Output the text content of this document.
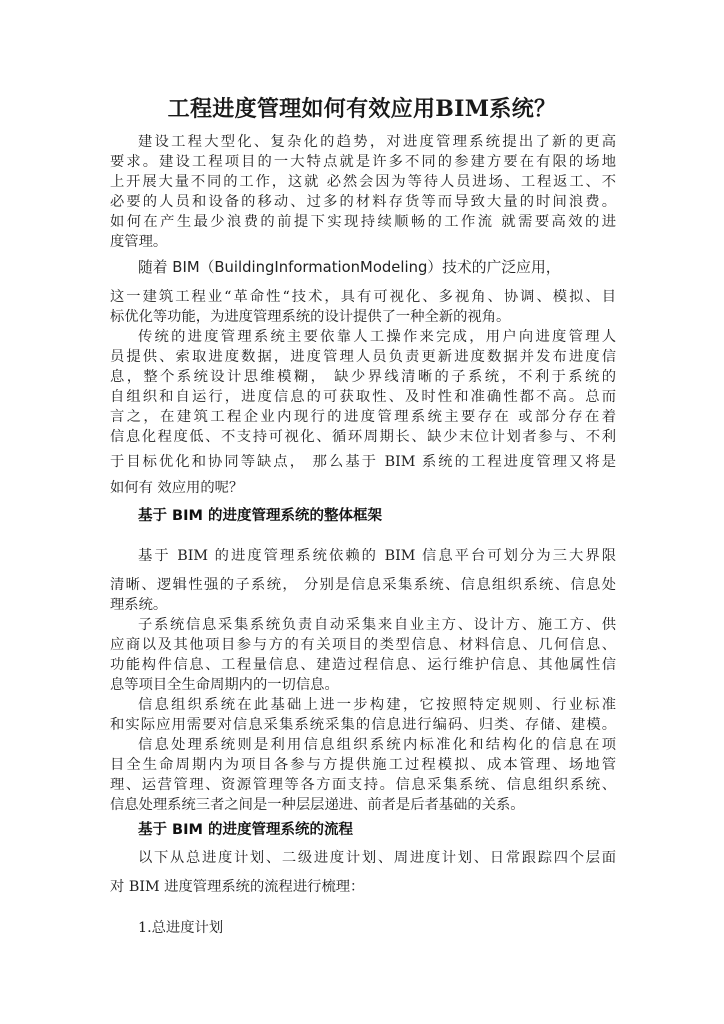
工程进度管理如何有效应用BIM系统？
建设工程大型化、复杂化的趋势，对进度管理系统提出了新的更高
要求。建设工程项目的一大特点就是许多不同的参建方要在有限的场地
上开展大量不同的工作，这就 必然会因为等待人员进场、工程返工、不
必要的人员和设备的移动、过多的材料存货等而导致大量的时间浪费。
如何在产生最少浪费的前提下实现持续顺畅的工作流 就需要高效的进
度管理。
随着 BIM（BuildingInformationModeling）技术的广泛应用，
这一建筑工程业“革命性“技术，具有可视化、多视角、协调、模拟、目
标优化等功能，为进度管理系统的设计提供了一种全新的视角。
传统的进度管理系统主要依靠人工操作来完成，用户向进度管理人
员提供、索取进度数据，进度管理人员负责更新进度数据并发布进度信
息，整个系统设计思维模糊， 缺少界线清晰的子系统，不利于系统的
自组织和自运行，进度信息的可获取性、及时性和准确性都不高。总而
言之，在建筑工程企业内现行的进度管理系统主要存在 或部分存在着
信息化程度低、不支持可视化、循环周期长、缺少末位计划者参与、不利
于目标优化和协同等缺点， 那么基于 BIM 系统的工程进度管理又将是
如何有 效应用的呢？
基于 BIM 的进度管理系统的整体框架
基于 BIM 的进度管理系统依赖的 BIM 信息平台可划分为三大界限
清晰、逻辑性强的子系统， 分别是信息采集系统、信息组织系统、信息处
理系统。
子系统信息采集系统负责自动采集来自业主方、设计方、施工方、供
应商以及其他项目参与方的有关项目的类型信息、材料信息、几何信息、
功能构件信息、工程量信息、建造过程信息、运行维护信息、其他属性信
息等项目全生命周期内的一切信息。
信息组织系统在此基础上进一步构建，它按照特定规则、行业标准
和实际应用需要对信息采集系统采集的信息进行编码、归类、存储、建模。
信息处理系统则是利用信息组织系统内标准化和结构化的信息在项
目全生命周期内为项目各参与方提供施工过程模拟、成本管理、场地管
理、运营管理、资源管理等各方面支持。信息采集系统、信息组织系统、
信息处理系统三者之间是一种层层递进、前者是后者基础的关系。
基于 BIM 的进度管理系统的流程
以下从总进度计划、二级进度计划、周进度计划、日常跟踪四个层面
对 BIM 进度管理系统的流程进行梳理：
1.总进度计划
